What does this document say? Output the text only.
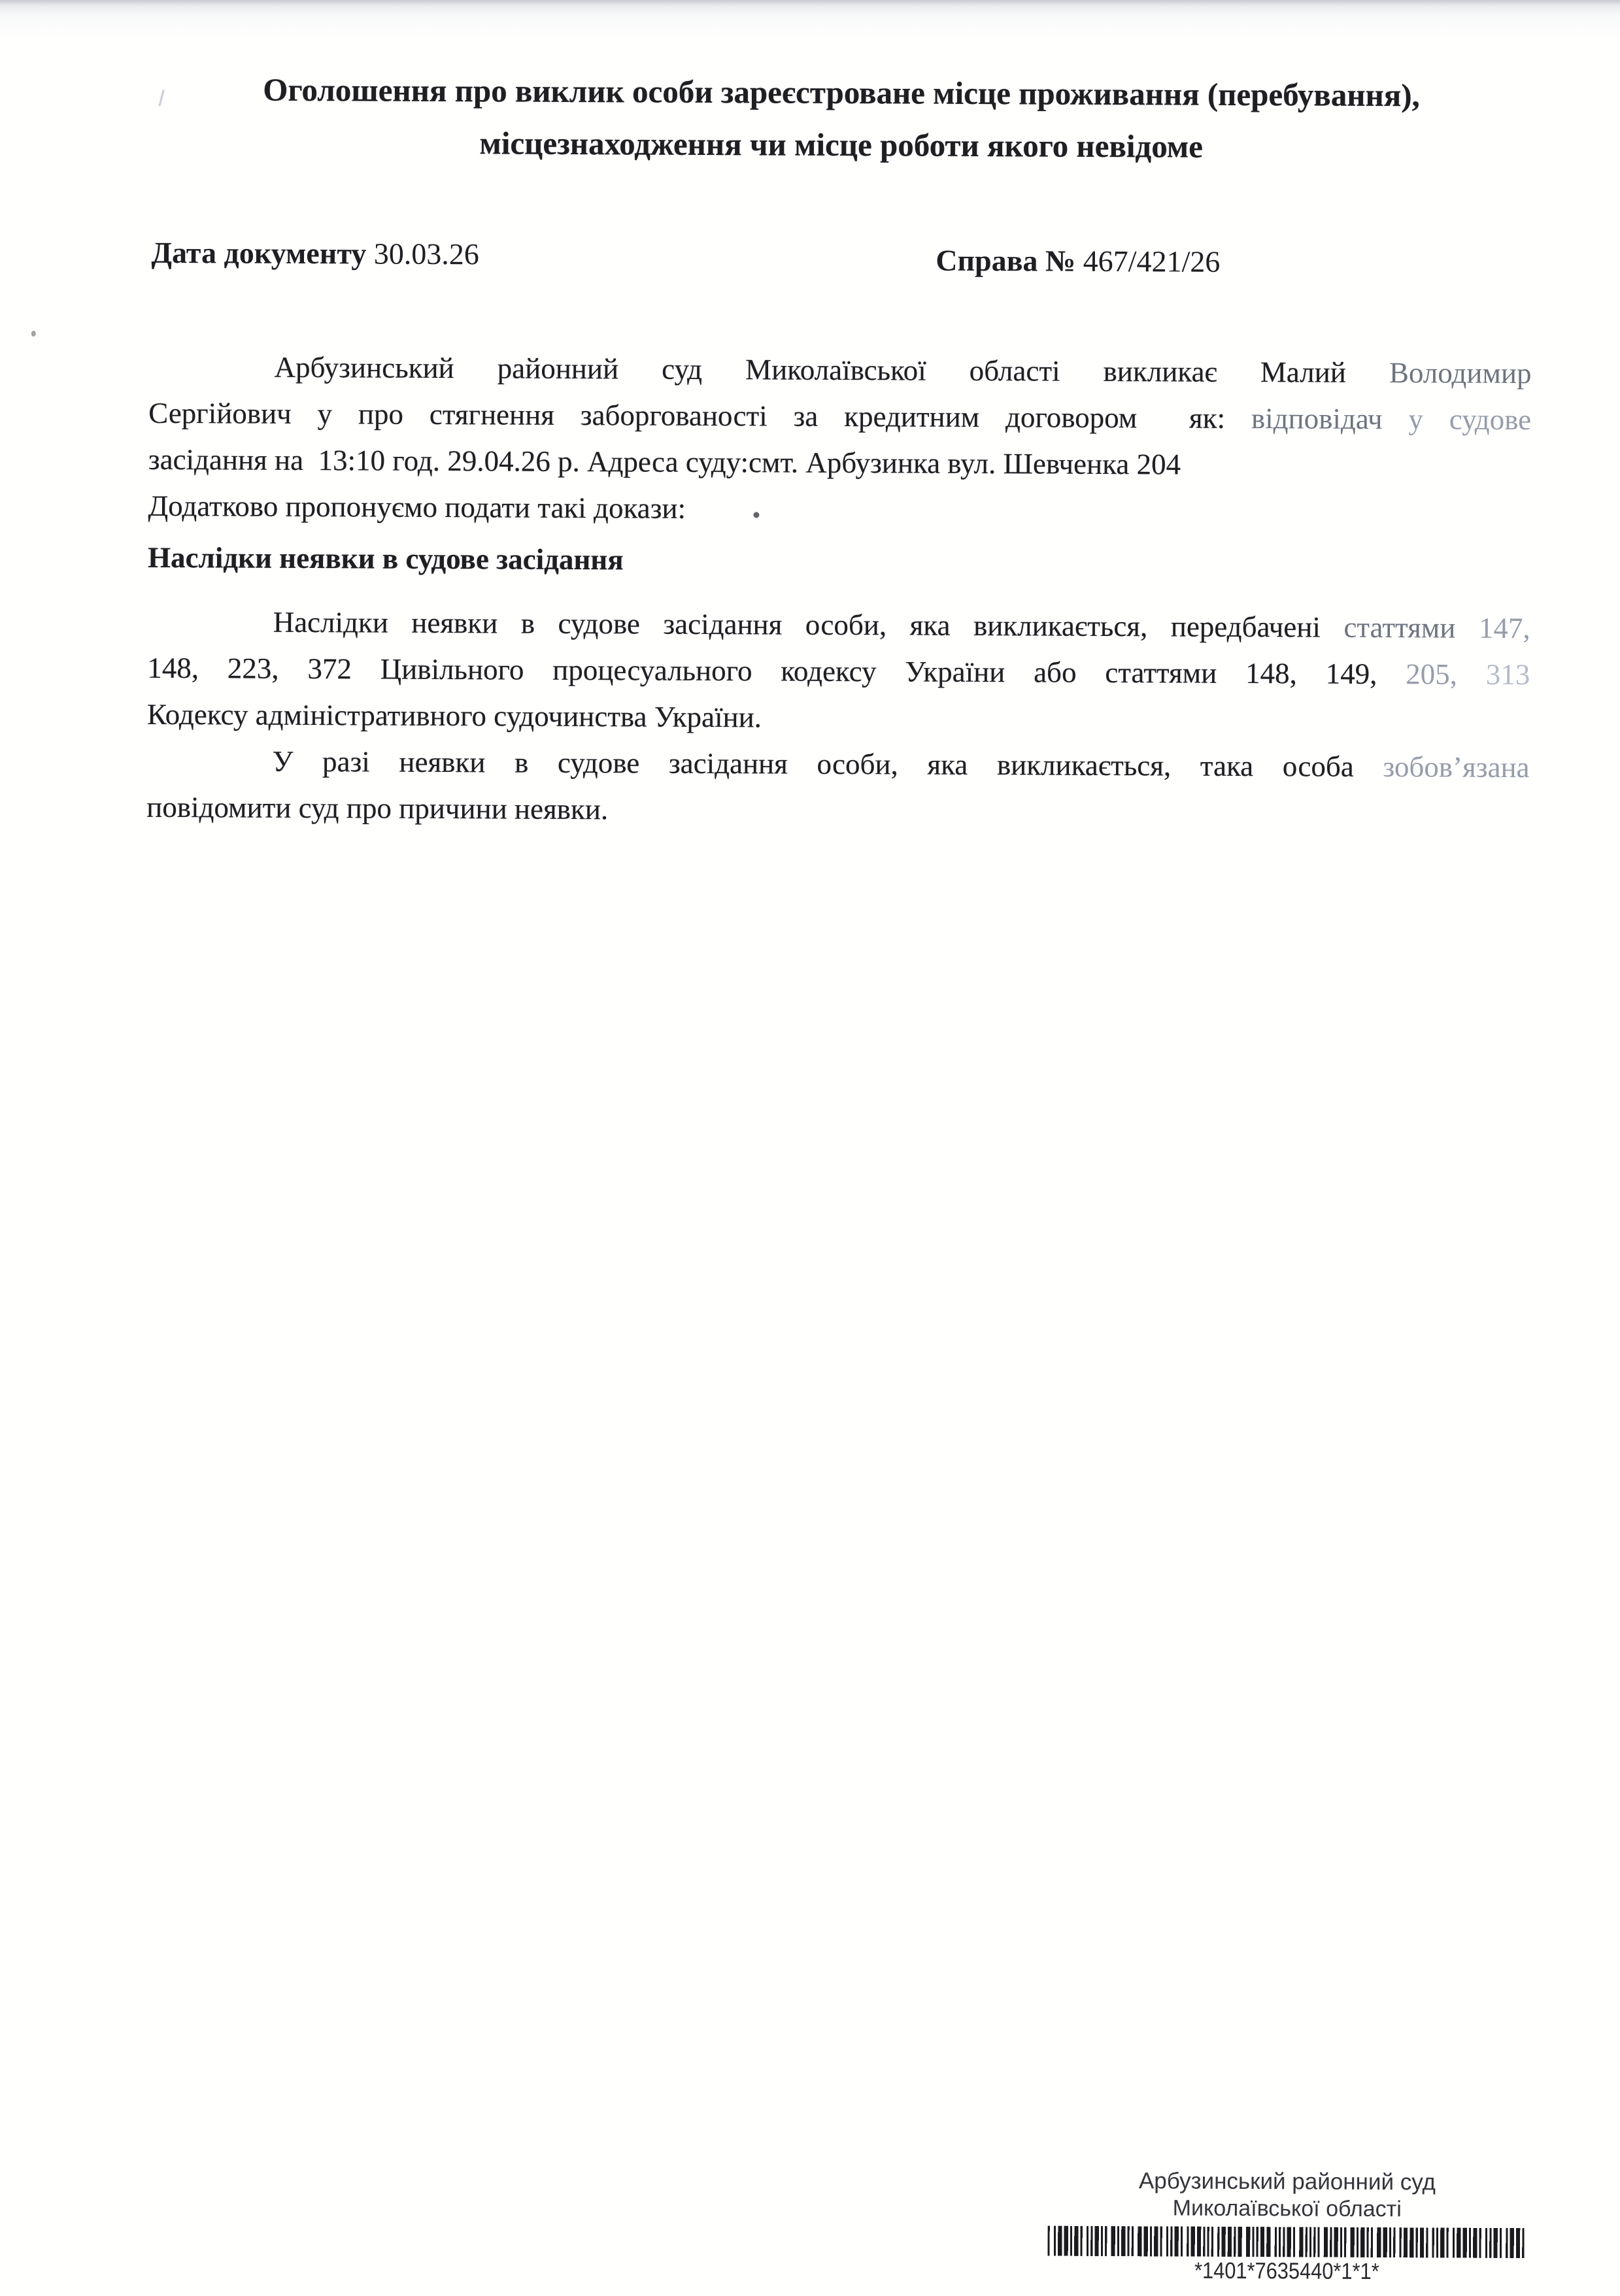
Оголошення про виклик особи зареєстроване місце проживання (перебування),
місцезнаходження чи місце роботи якого невідоме
Дата документу 30.03.26	Справа № 467/421/26
Арбузинський районний суд Миколаївської області викликає Малий Володимир
Сергійович у про стягнення заборгованості за кредитним договором  як: відповідач у судове
засідання на  13:10 год. 29.04.26 р. Адреса суду:смт. Арбузинка вул. Шевченка 204
Додатково пропонуємо подати такі докази:
Наслідки неявки в судове засідання
Наслідки неявки в судове засідання особи, яка викликається, передбачені статтями 147,
148, 223, 372 Цивільного процесуального кодексу України або статтями 148, 149, 205, 313
Кодексу адміністративного судочинства України.
У разі неявки в судове засідання особи, яка викликається, така особа зобов’язана
повідомити суд про причини неявки.
Арбузинський районний суд
Миколаївської області
*1401*7635440*1*1*
